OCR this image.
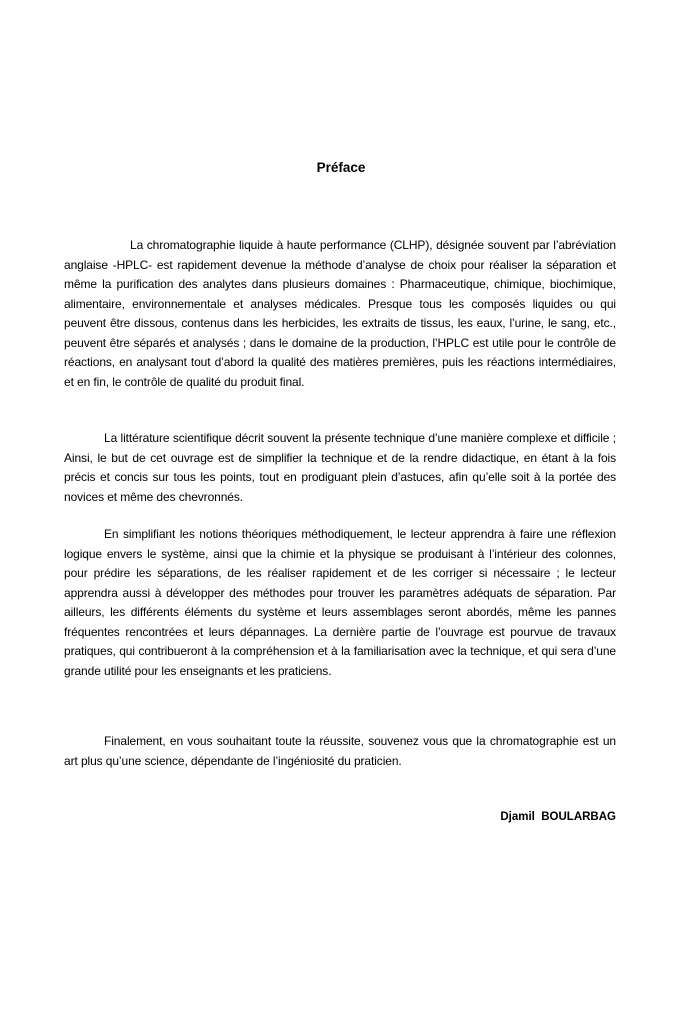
Préface

La chromatographie liquide à haute performance (CLHP), désignée souvent par l’abréviation anglaise -HPLC- est rapidement devenue la méthode d’analyse de choix pour réaliser la séparation et même la purification des analytes dans plusieurs domaines : Pharmaceutique, chimique, biochimique, alimentaire, environnementale et analyses médicales. Presque tous les composés liquides ou qui peuvent être dissous, contenus dans les herbicides, les extraits de tissus, les eaux, l’urine, le sang, etc., peuvent être séparés et analysés ; dans le domaine de la production, l’HPLC est utile pour le contrôle de réactions, en analysant tout d’abord la qualité des matières premières, puis les réactions intermédiaires, et en fin, le contrôle de qualité du produit final.

La littérature scientifique décrit souvent la présente technique d’une manière complexe et difficile ; Ainsi, le but de cet ouvrage est de simplifier la technique et de la rendre didactique, en étant à la fois précis et concis sur tous les points, tout en prodiguant plein d’astuces, afin qu’elle soit à la portée des novices et même des chevronnés.

En simplifiant les notions théoriques méthodiquement, le lecteur apprendra à faire une réflexion logique envers le système, ainsi que la chimie et la physique se produisant à l’intérieur des colonnes, pour prédire les séparations, de les réaliser rapidement et de les corriger si nécessaire ; le lecteur apprendra aussi à développer des méthodes pour trouver les paramètres adéquats de séparation. Par ailleurs, les différents éléments du système et leurs assemblages seront abordés, même les pannes fréquentes rencontrées et leurs dépannages. La dernière partie de l’ouvrage est pourvue de travaux pratiques, qui contribueront à la compréhension et à la familiarisation avec la technique, et qui sera d’une grande utilité pour les enseignants et les praticiens.

Finalement, en vous souhaitant toute la réussite, souvenez vous que la chromatographie est un art plus qu’une science, dépendante de l’ingéniosité du praticien.

Djamil  BOULARBAG
